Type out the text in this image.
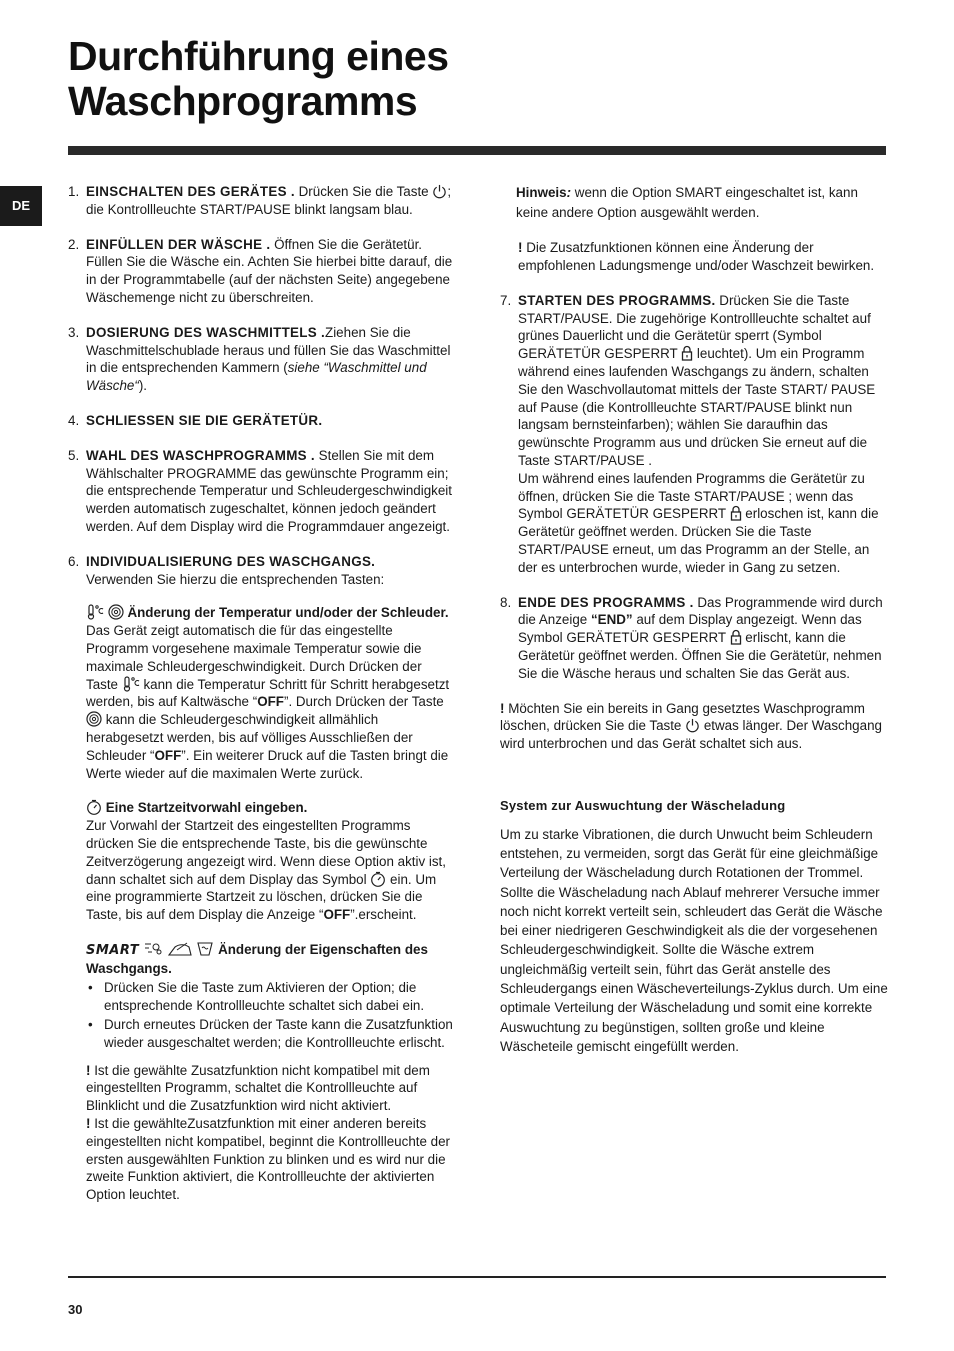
Durchführung eines
Waschprogramms
DE
1. EINSCHALTEN DES GERÄTES . Drücken Sie die Taste
; die Kontrollleuchte START/PAUSE blinkt langsam blau.
2. EINFÜLLEN DER WÄSCHE . Öffnen Sie die Gerätetür. Füllen Sie die Wäsche ein. Achten Sie hierbei bitte darauf, die in der Programmtabelle (auf der nächsten Seite) angegebene Wäschemenge nicht zu überschreiten.
3. DOSIERUNG DES WASCHMITTELS .Ziehen Sie die Waschmittelschublade heraus und füllen Sie das Waschmittel in die entsprechenden Kammern (siehe “Waschmittel und Wäsche“).
4. SCHLIESSEN SIE DIE GERÄTETÜR.
5. WAHL DES WASCHPROGRAMMS . Stellen Sie mit dem Wählschalter PROGRAMME das gewünschte Programm ein; die entsprechende Temperatur und Schleudergeschwindigkeit werden automatisch zugeschaltet, können jedoch geändert werden. Auf dem Display wird die Programmdauer angezeigt.
6. INDIVIDUALISIERUNG DES WASCHGANGS.
Verwenden Sie hierzu die entsprechenden Tasten:

Änderung der Temperatur und/oder der Schleuder. Das Gerät zeigt automatisch die für das eingestellte Programm vorgesehene maximale Temperatur sowie die maximale Schleudergeschwindigkeit. Durch Drücken der Taste
kann die Temperatur Schritt für Schritt herabgesetzt werden, bis auf Kaltwäsche “OFF”. Durch Drücken der Taste
kann die Schleudergeschwindigkeit allmählich herabgesetzt werden, bis auf völliges Ausschließen der Schleuder “OFF”. Ein weiterer Druck auf die Tasten bringt die Werte wieder auf die maximalen Werte zurück.
Eine Startzeitvorwahl eingeben.
Zur Vorwahl der Startzeit des eingestellten Programms drücken Sie die entsprechende Taste, bis die gewünschte Zeitverzögerung angezeigt wird. Wenn diese Option aktiv ist, dann schaltet sich auf dem Display das Symbol
ein. Um eine programmierte Startzeit zu löschen, drücken Sie die Taste, bis auf dem Display die Anzeige “OFF”.erscheint.
SMART

	Änderung der Eigenschaften des Waschgangs.
• Drücken Sie die Taste zum Aktivieren der Option; die entsprechende Kontrollleuchte schaltet sich dabei ein.
• Durch erneutes Drücken der Taste kann die Zusatzfunktion wieder ausgeschaltet werden; die Kontrollleuchte erlischt.
! Ist die gewählte Zusatzfunktion nicht kompatibel mit dem eingestellten Programm, schaltet die Kontrollleuchte auf Blinklicht und die Zusatzfunktion wird nicht aktiviert.
! Ist die gewählteZusatzfunktion mit einer anderen bereits eingestellten nicht kompatibel, beginnt die Kontrollleuchte der ersten ausgewählten Funktion zu blinken und es wird nur die zweite Funktion aktiviert, die Kontrollleuchte der aktivierten Option leuchtet.
Hinweis: wenn die Option SMART eingeschaltet ist, kann keine andere Option ausgewählt werden.
! Die Zusatzfunktionen können eine Änderung der empfohlenen Ladungsmenge und/oder Waschzeit bewirken.
7. STARTEN DES PROGRAMMS. Drücken Sie die Taste START/PAUSE. Die zugehörige Kontrollleuchte schaltet auf grünes Dauerlicht und die Gerätetür sperrt (Symbol GERÄTETÜR GESPERRT
leuchtet). Um ein Programm während eines laufenden Waschgangs zu ändern, schalten Sie den Waschvollautomat mittels der Taste START/ PAUSE auf Pause (die Kontrollleuchte START/PAUSE blinkt nun langsam bernsteinfarben); wählen Sie daraufhin das gewünschte Programm aus und drücken Sie erneut auf die Taste START/PAUSE .
Um während eines laufenden Programms die Gerätetür zu öffnen, drücken Sie die Taste START/PAUSE ; wenn das Symbol GERÄTETÜR GESPERRT
erloschen ist, kann die Gerätetür geöffnet werden. Drücken Sie die Taste START/PAUSE erneut, um das Programm an der Stelle, an der es unterbrochen wurde, wieder in Gang zu setzen.
8. ENDE DES PROGRAMMS . Das Programmende wird durch die Anzeige “END” auf dem Display angezeigt. Wenn das Symbol GERÄTETÜR GESPERRT
erlischt, kann die Gerätetür geöffnet werden. Öffnen Sie die Gerätetür, nehmen Sie die Wäsche heraus und schalten Sie das Gerät aus.
! Möchten Sie ein bereits in Gang gesetztes Waschprogramm löschen, drücken Sie die Taste
etwas länger. Der Waschgang wird unterbrochen und das Gerät schaltet sich aus.
System zur Auswuchtung der Wäscheladung

Um zu starke Vibrationen, die durch Unwucht beim Schleudern entstehen, zu vermeiden, sorgt das Gerät für eine gleichmäßige Verteilung der Wäscheladung durch Rotationen der Trommel. Sollte die Wäscheladung nach Ablauf mehrerer Versuche immer noch nicht korrekt verteilt sein, schleudert das Gerät die Wäsche bei einer niedrigeren Geschwindigkeit als die der vorgesehenen Schleudergeschwindigkeit. Sollte die Wäsche extrem ungleichmäßig verteilt sein, führt das Gerät anstelle des Schleudergangs einen Wäscheverteilungs-Zyklus durch. Um eine optimale Verteilung der Wäscheladung und somit eine korrekte Auswuchtung zu begünstigen, sollten große und kleine Wäscheteile gemischt eingefüllt werden.

30
